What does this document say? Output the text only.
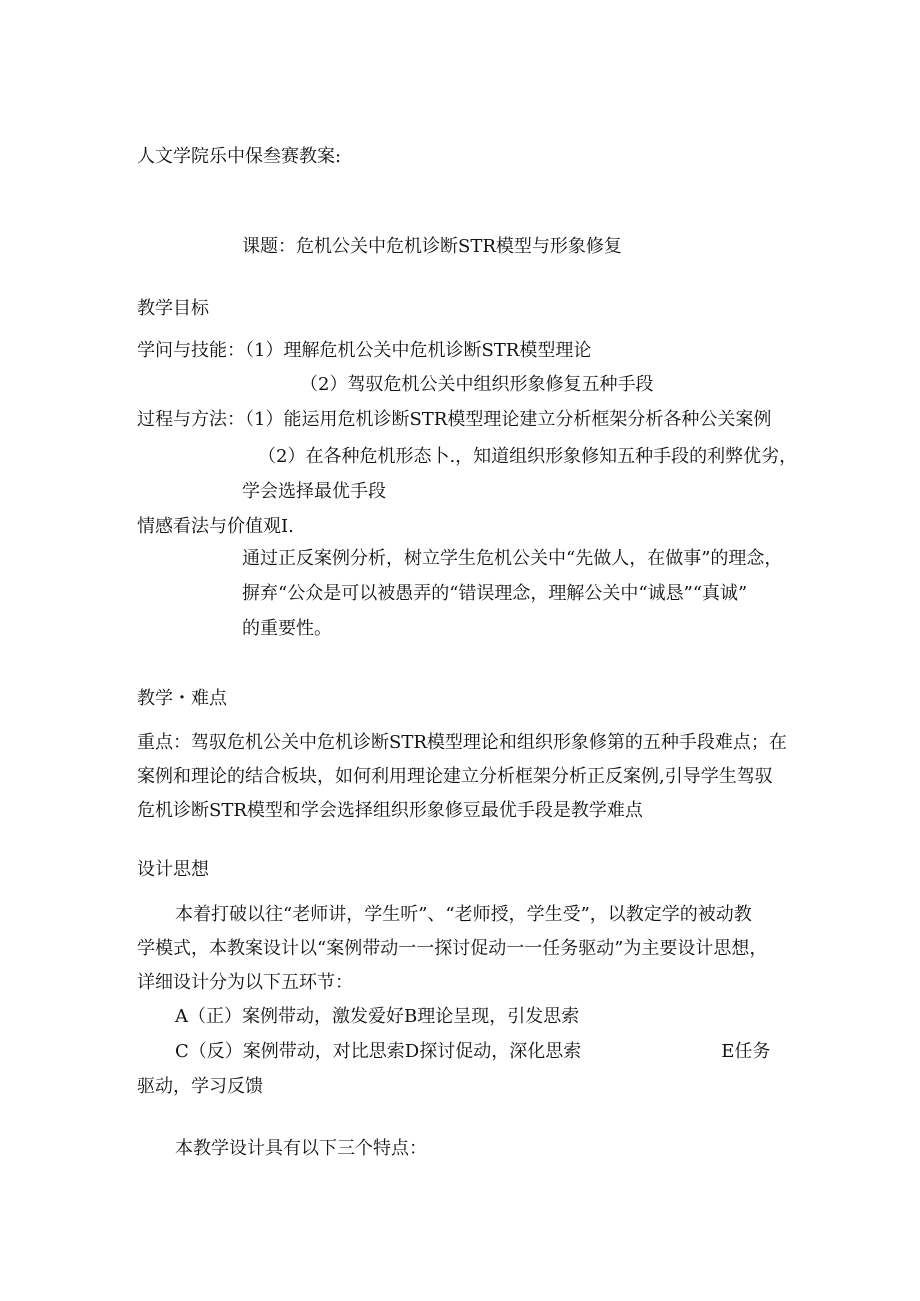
人文学院乐中保叁赛教案:
课题：危机公关中危机诊断STR模型与形象修复
教学目标
学问与技能：（1）理解危机公关中危机诊断STR模型理论
（2）驾驭危机公关中组织形象修复五种手段
过程与方法：（1）能运用危机诊断STR模型理论建立分析框架分析各种公关案例
（2）在各种危机形态卜.，知道组织形象修知五种手段的利弊优劣，
学会选择最优手段
情感看法与价值观I.
通过正反案例分析，树立学生危机公关中“先做人，在做事”的理念，
摒弃“公众是可以被愚弄的“错误理念，理解公关中“诚恳”“真诚”
的重要性。
教学・难点
重点：驾驭危机公关中危机诊断STR模型理论和组织形象修第的五种手段难点；在
案例和理论的结合板块，如何利用理论建立分析框架分析正反案例,引导学生驾驭
危机诊断STR模型和学会选择组织形象修豆最优手段是教学难点
设计思想
本着打破以往“老师讲，学生听”、“老师授，学生受”，以教定学的被动教
学模式，本教案设计以“案例带动一一探讨促动一一任务驱动”为主要设计思想，
详细设计分为以下五环节：
A（正）案例带动，激发爱好B理论呈现，引发思索
C（反）案例带动，对比思索D探讨促动，深化思索	E任务
驱动，学习反馈
本教学设计具有以下三个特点：
